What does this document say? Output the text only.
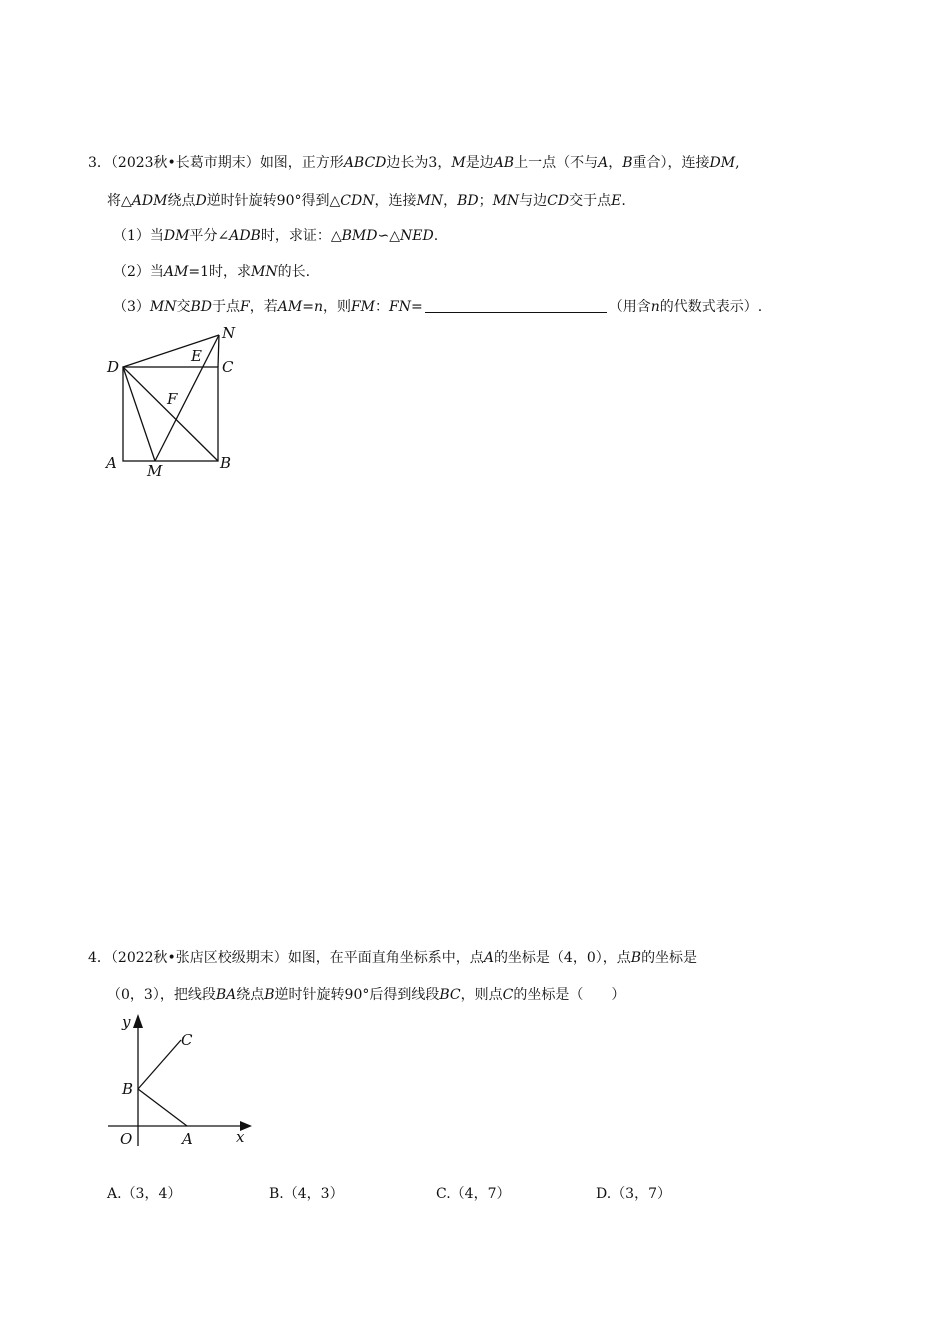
3．（2023秋•长葛市期末）如图，正方形ABCD边长为3，M是边AB上一点（不与A，B重合），连接DM,
将△ADM绕点D逆时针旋转90°得到△CDN，连接MN，BD；MN与边CD交于点E.
（1）当DM平分∠ADB时，求证：△BMD∽△NED.
（2）当AM=1时，求MN的长.
（3）MN交BD于点F，若AM=n，则FM：FN=	（用含n的代数式表示）.
D	C
N
E
F
A M	B
4．（2022秋•张店区校级期末）如图，在平面直角坐标系中，点A的坐标是（4，0），点B的坐标是
（0，3），把线段BA绕点B逆时针旋转90°后得到线段BC，则点C的坐标是（　　）
y
x
O	A
B
C
A.（3，4）	B.（4，3）	C.（4，7）	D.（3，7）
